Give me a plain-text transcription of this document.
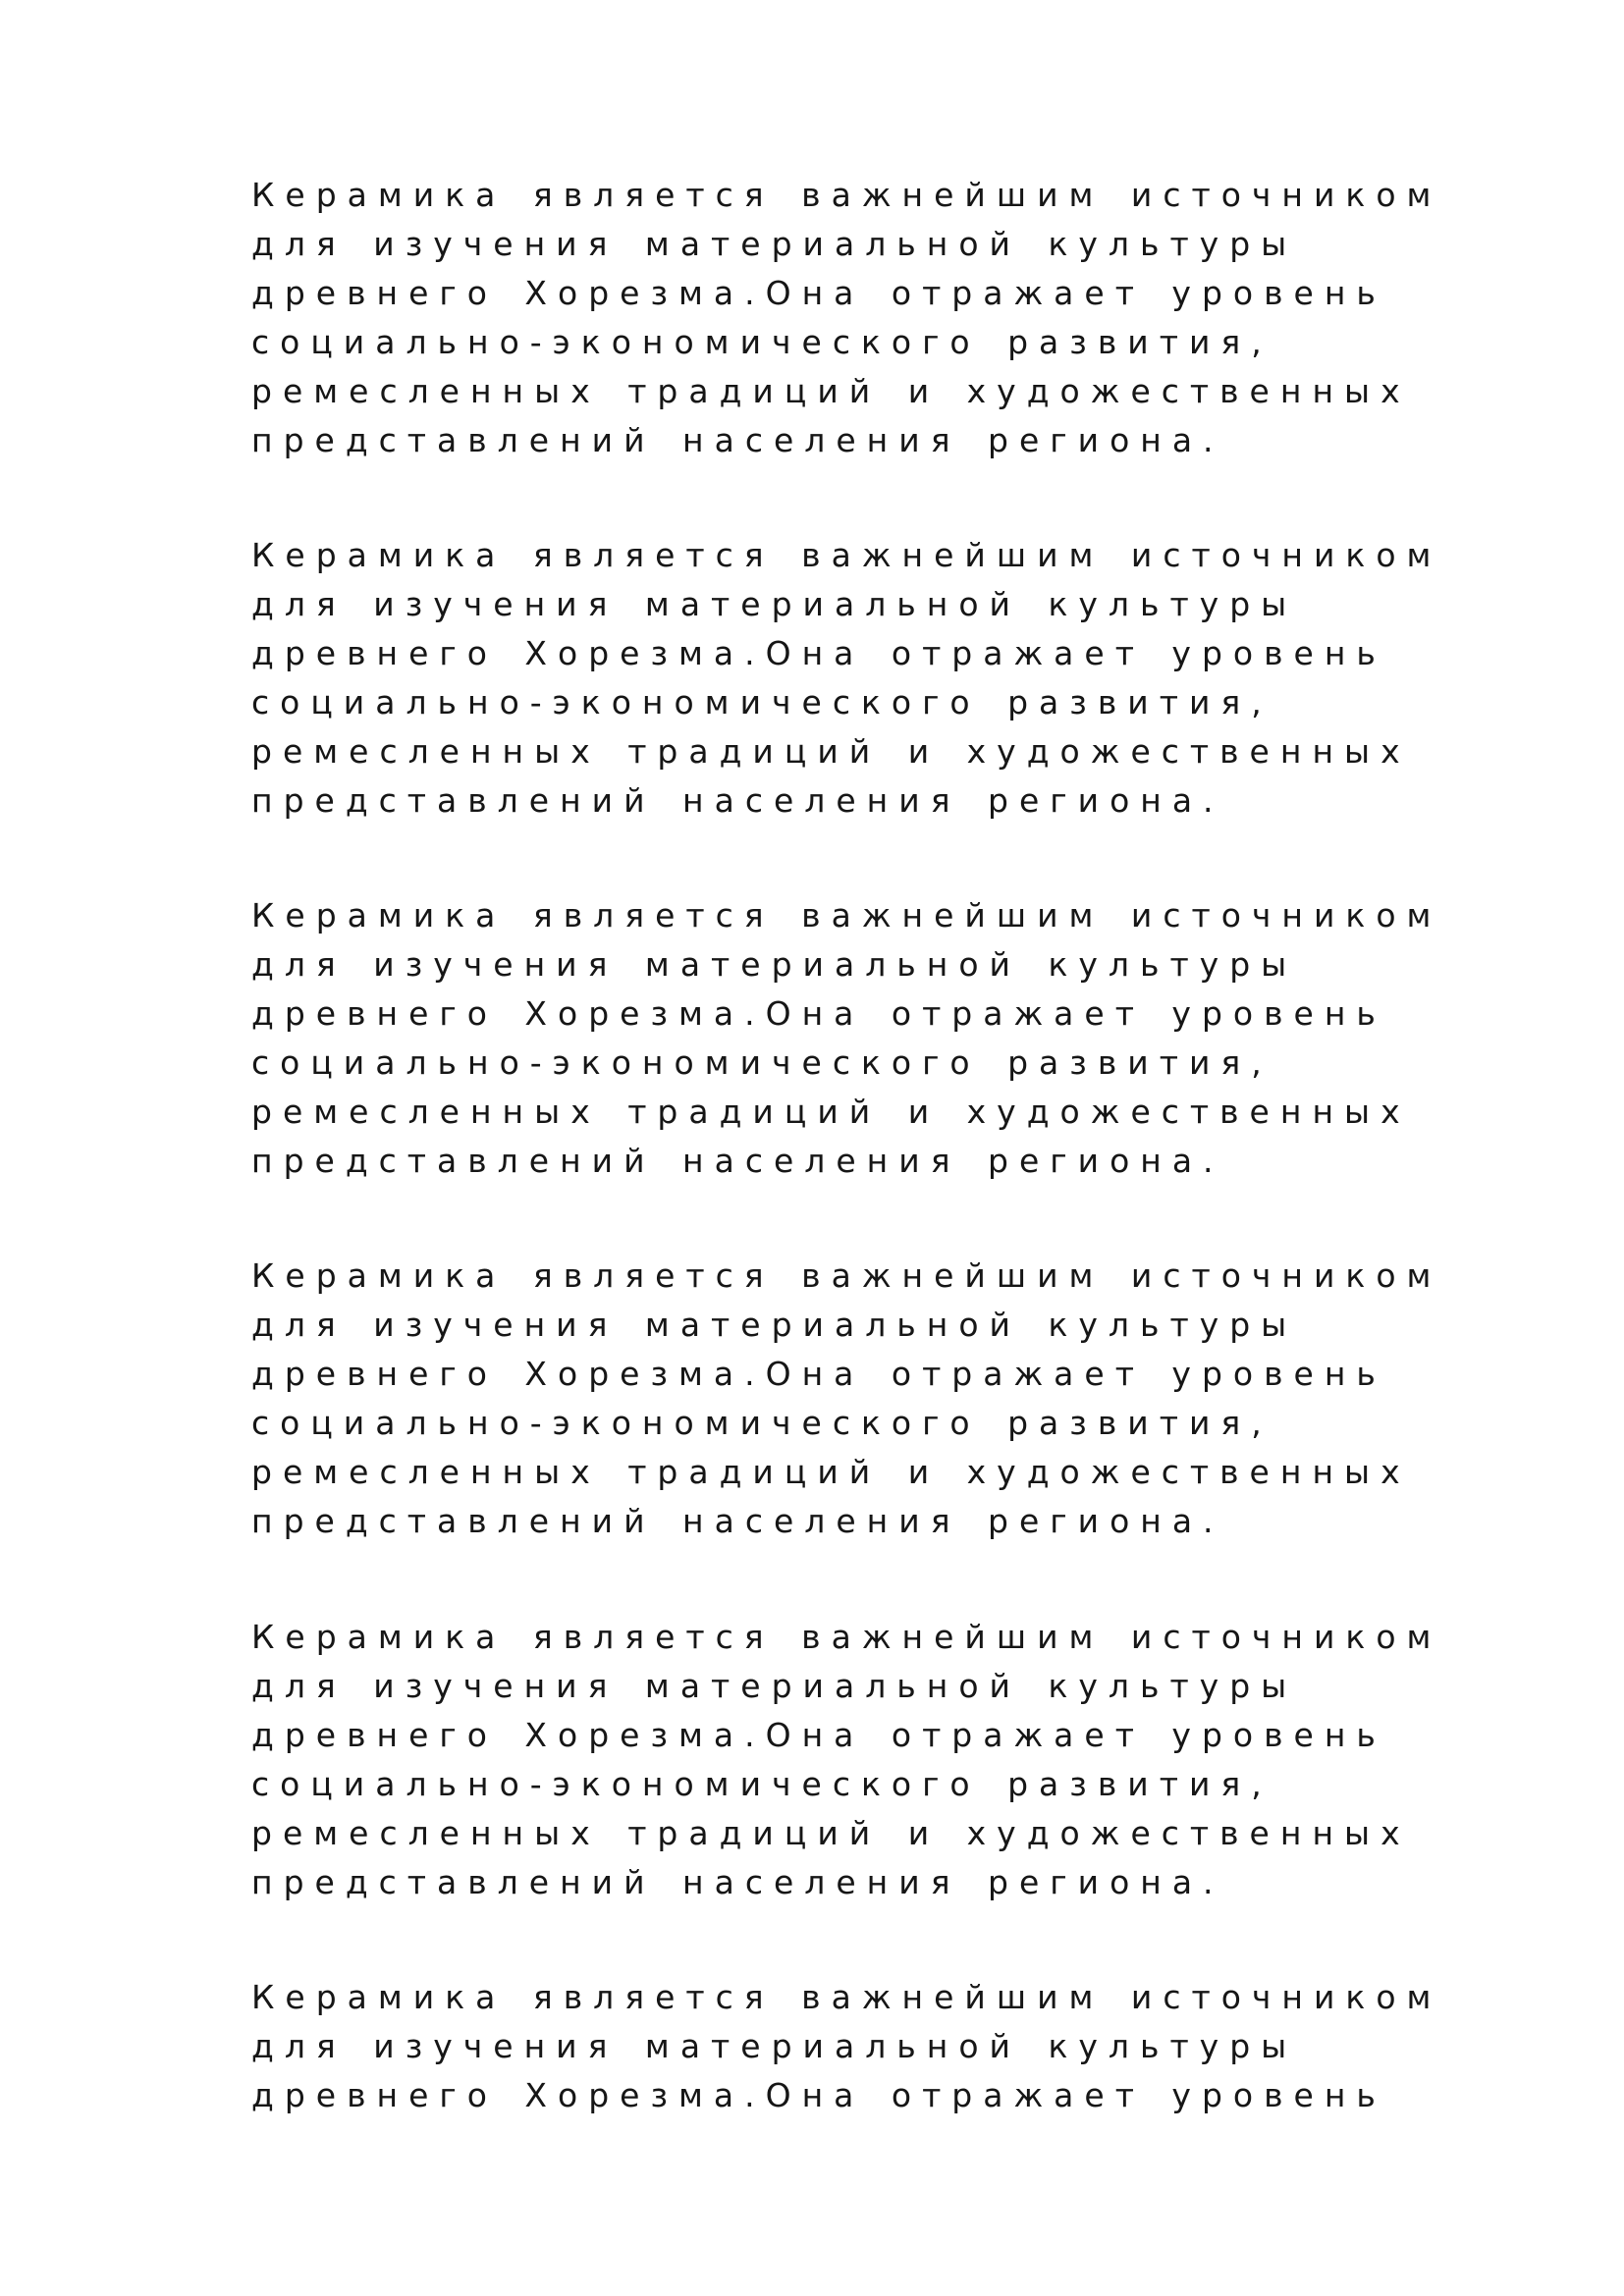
Керамика является важнейшим источником
для изучения материальной культуры
древнего Хорезма.Она отражает уровень
социально-экономического развития,
ремесленных традиций и художественных
представлений населения региона.
Керамика является важнейшим источником
для изучения материальной культуры
древнего Хорезма.Она отражает уровень
социально-экономического развития,
ремесленных традиций и художественных
представлений населения региона.
Керамика является важнейшим источником
для изучения материальной культуры
древнего Хорезма.Она отражает уровень
социально-экономического развития,
ремесленных традиций и художественных
представлений населения региона.
Керамика является важнейшим источником
для изучения материальной культуры
древнего Хорезма.Она отражает уровень
социально-экономического развития,
ремесленных традиций и художественных
представлений населения региона.
Керамика является важнейшим источником
для изучения материальной культуры
древнего Хорезма.Она отражает уровень
социально-экономического развития,
ремесленных традиций и художественных
представлений населения региона.
Керамика является важнейшим источником
для изучения материальной культуры
древнего Хорезма.Она отражает уровень
